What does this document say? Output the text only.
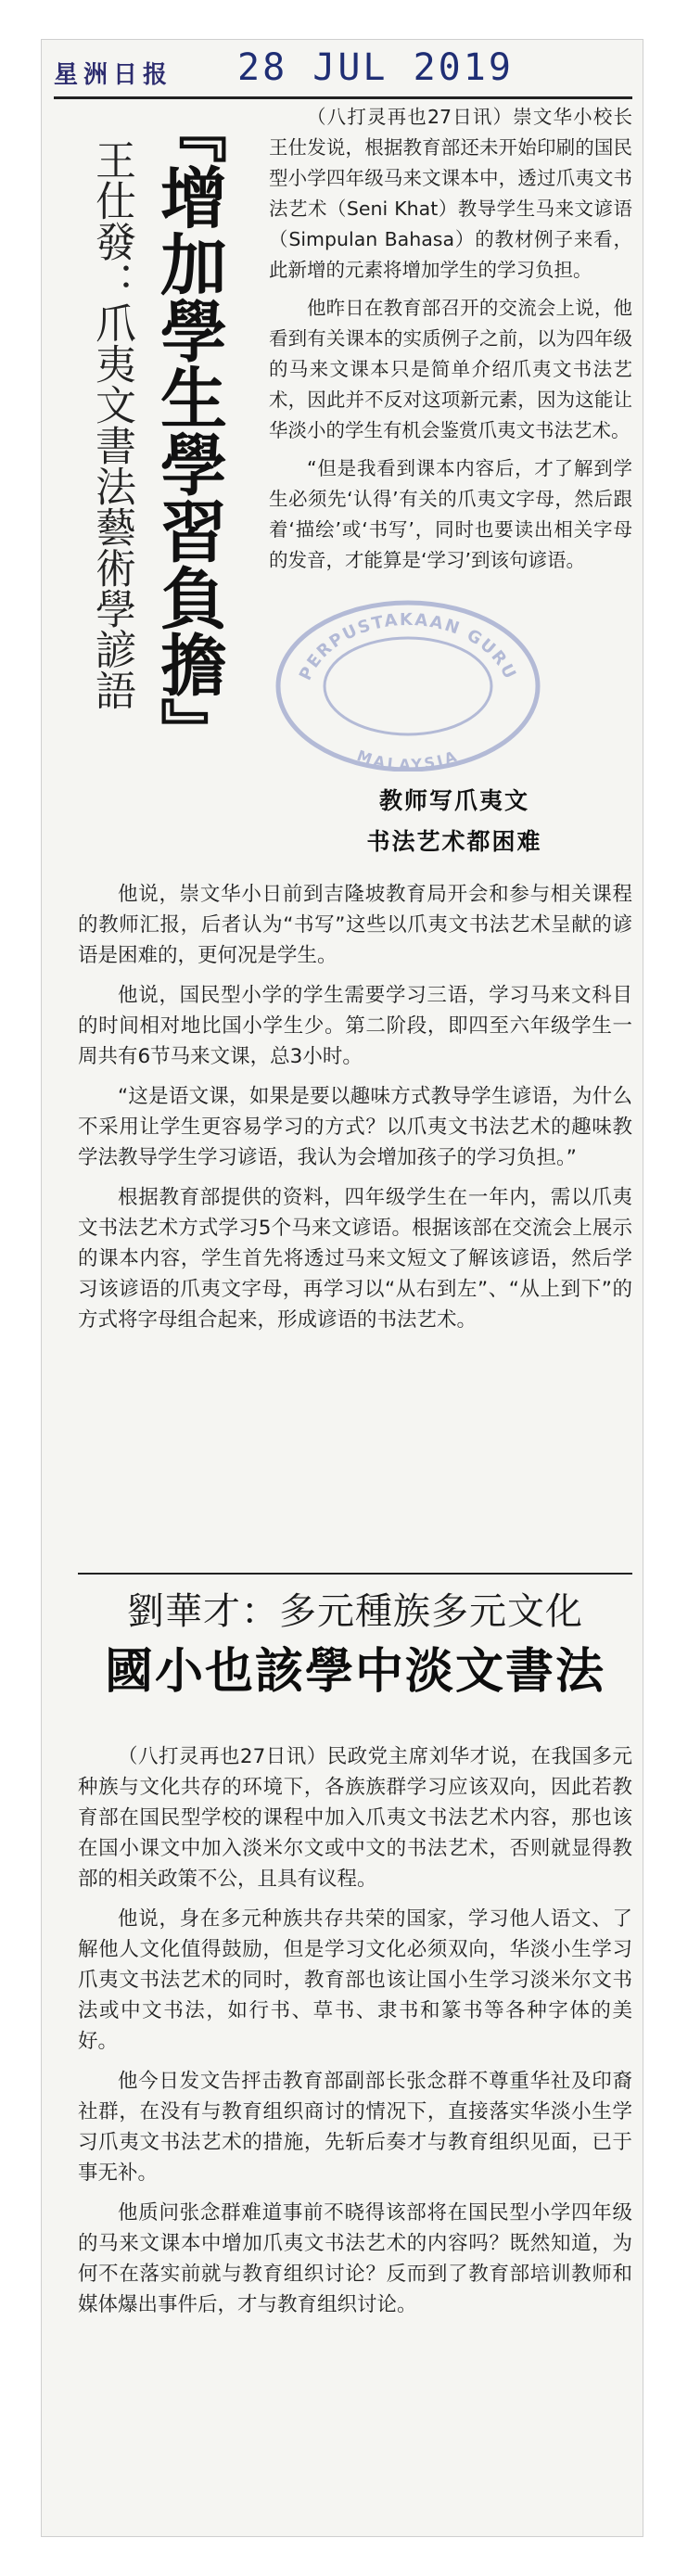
星洲日报 28 JUL 2019
王仕發：爪夷文書法藝術學諺語 『增加學生學習負擔』	（八打灵再也27日讯）崇文华小校长王仕发说，根据教育部还未开始印刷的国民型小学四年级马来文课本中，透过爪夷文书法艺术（Seni Khat）教导学生马来文谚语（Simpulan Bahasa）的教材例子来看，此新增的元素将增加学生的学习负担。

他昨日在教育部召开的交流会上说，他看到有关课本的实质例子之前，以为四年级的马来文课本只是简单介绍爪夷文书法艺术，因此并不反对这项新元素，因为这能让华淡小的学生有机会鉴赏爪夷文书法艺术。

“但是我看到课本内容后，才了解到学生必须先‘认得’有关的爪夷文字母，然后跟着‘描绘’或‘书写’，同时也要读出相关字母的发音，才能算是‘学习’到该句谚语。

PERPUSTAKAAN GURU
MALAYSIA
教师写爪夷文
书法艺术都困难

他说，崇文华小日前到吉隆坡教育局开会和参与相关课程的教师汇报，后者认为“书写”这些以爪夷文书法艺术呈献的谚语是困难的，更何况是学生。

他说，国民型小学的学生需要学习三语，学习马来文科目的时间相对地比国小学生少。第二阶段，即四至六年级学生一周共有6节马来文课，总3小时。

“这是语文课，如果是要以趣味方式教导学生谚语，为什么不采用让学生更容易学习的方式？以爪夷文书法艺术的趣味教学法教导学生学习谚语，我认为会增加孩子的学习负担。”

根据教育部提供的资料，四年级学生在一年内，需以爪夷文书法艺术方式学习5个马来文谚语。根据该部在交流会上展示的课本内容，学生首先将透过马来文短文了解该谚语，然后学习该谚语的爪夷文字母，再学习以“从右到左”、“从上到下”的方式将字母组合起来，形成谚语的书法艺术。

劉華才：多元種族多元文化
國小也該學中淡文書法

（八打灵再也27日讯）民政党主席刘华才说，在我国多元种族与文化共存的环境下，各族族群学习应该双向，因此若教育部在国民型学校的课程中加入爪夷文书法艺术内容，那也该在国小课文中加入淡米尔文或中文的书法艺术，否则就显得教部的相关政策不公，且具有议程。

他说，身在多元种族共存共荣的国家，学习他人语文、了解他人文化值得鼓励，但是学习文化必须双向，华淡小生学习爪夷文书法艺术的同时，教育部也该让国小生学习淡米尔文书法或中文书法，如行书、草书、隶书和篆书等各种字体的美好。

他今日发文告抨击教育部副部长张念群不尊重华社及印裔社群，在没有与教育组织商讨的情况下，直接落实华淡小生学习爪夷文书法艺术的措施，先斩后奏才与教育组织见面，已于事无补。

他质问张念群难道事前不晓得该部将在国民型小学四年级的马来文课本中增加爪夷文书法艺术的内容吗？既然知道，为何不在落实前就与教育组织讨论？反而到了教育部培训教师和媒体爆出事件后，才与教育组织讨论。
